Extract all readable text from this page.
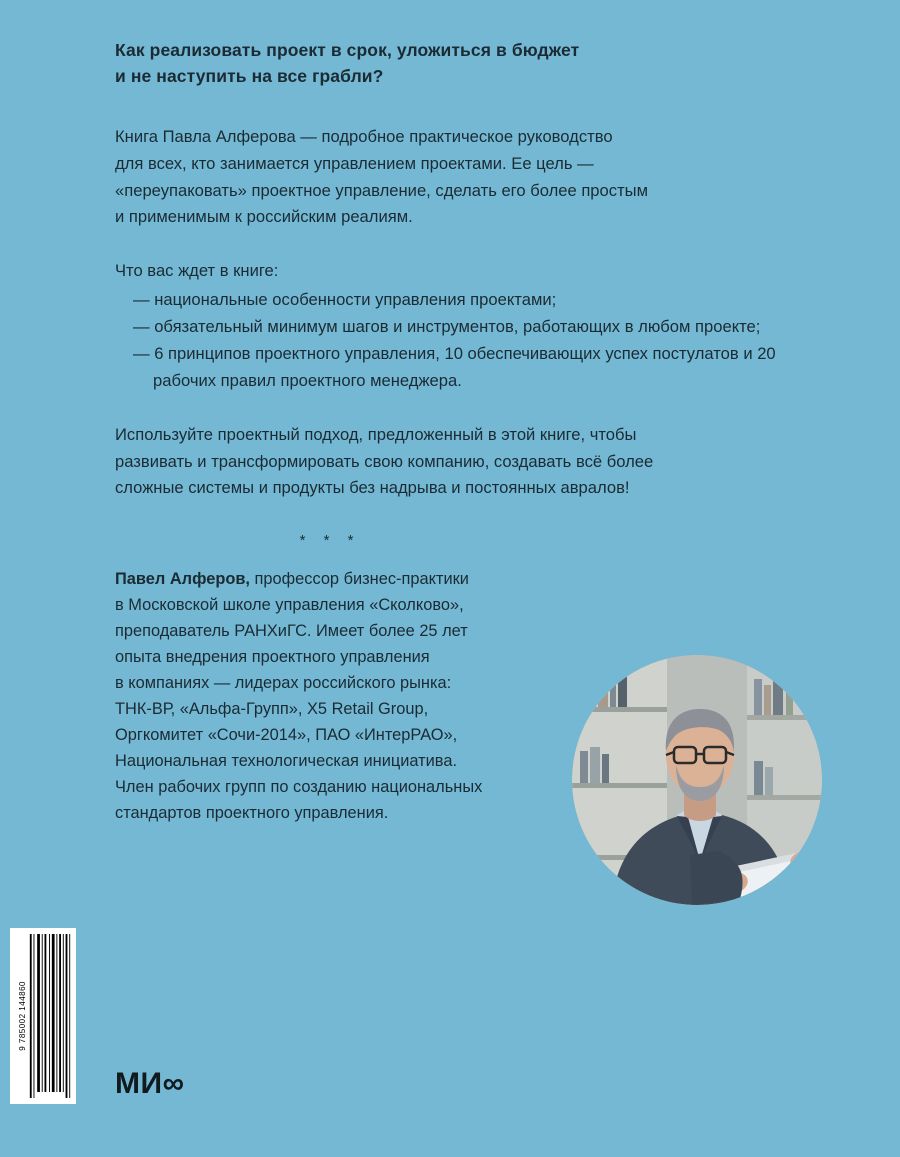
Как реализовать проект в срок, уложиться в бюджет
и не наступить на все грабли?

Книга Павла Алферова — подробное практическое руководство
для всех, кто занимается управлением проектами. Ее цель —
«переупаковать» проектное управление, сделать его более простым
и применимым к российским реалиям.

Что вас ждет в книге:

— национальные особенности управления проектами;
— обязательный минимум шагов и инструментов, работающих в любом проекте;
— 6 принципов проектного управления, 10 обеспечивающих успех постулатов и 20 рабочих правил проектного менеджера.

Используйте проектный подход, предложенный в этой книге, чтобы
развивать и трансформировать свою компанию, создавать всё более
сложные системы и продукты без надрыва и постоянных авралов!

* * *
Павел Алферов, профессор бизнес-практики
в Московской школе управления «Сколково»,
преподаватель РАНХиГС. Имеет более 25 лет
опыта внедрения проектного управления
в компаниях — лидерах российского рынка:
ТНК-ВР, «Альфа-Групп», X5 Retail Group,
Оргкомитет «Сочи-2014», ПАО «ИнтерРАО»,
Национальная технологическая инициатива.
Член рабочих групп по созданию национальных
стандартов проектного управления.
9 785002 144860
МИ∞
